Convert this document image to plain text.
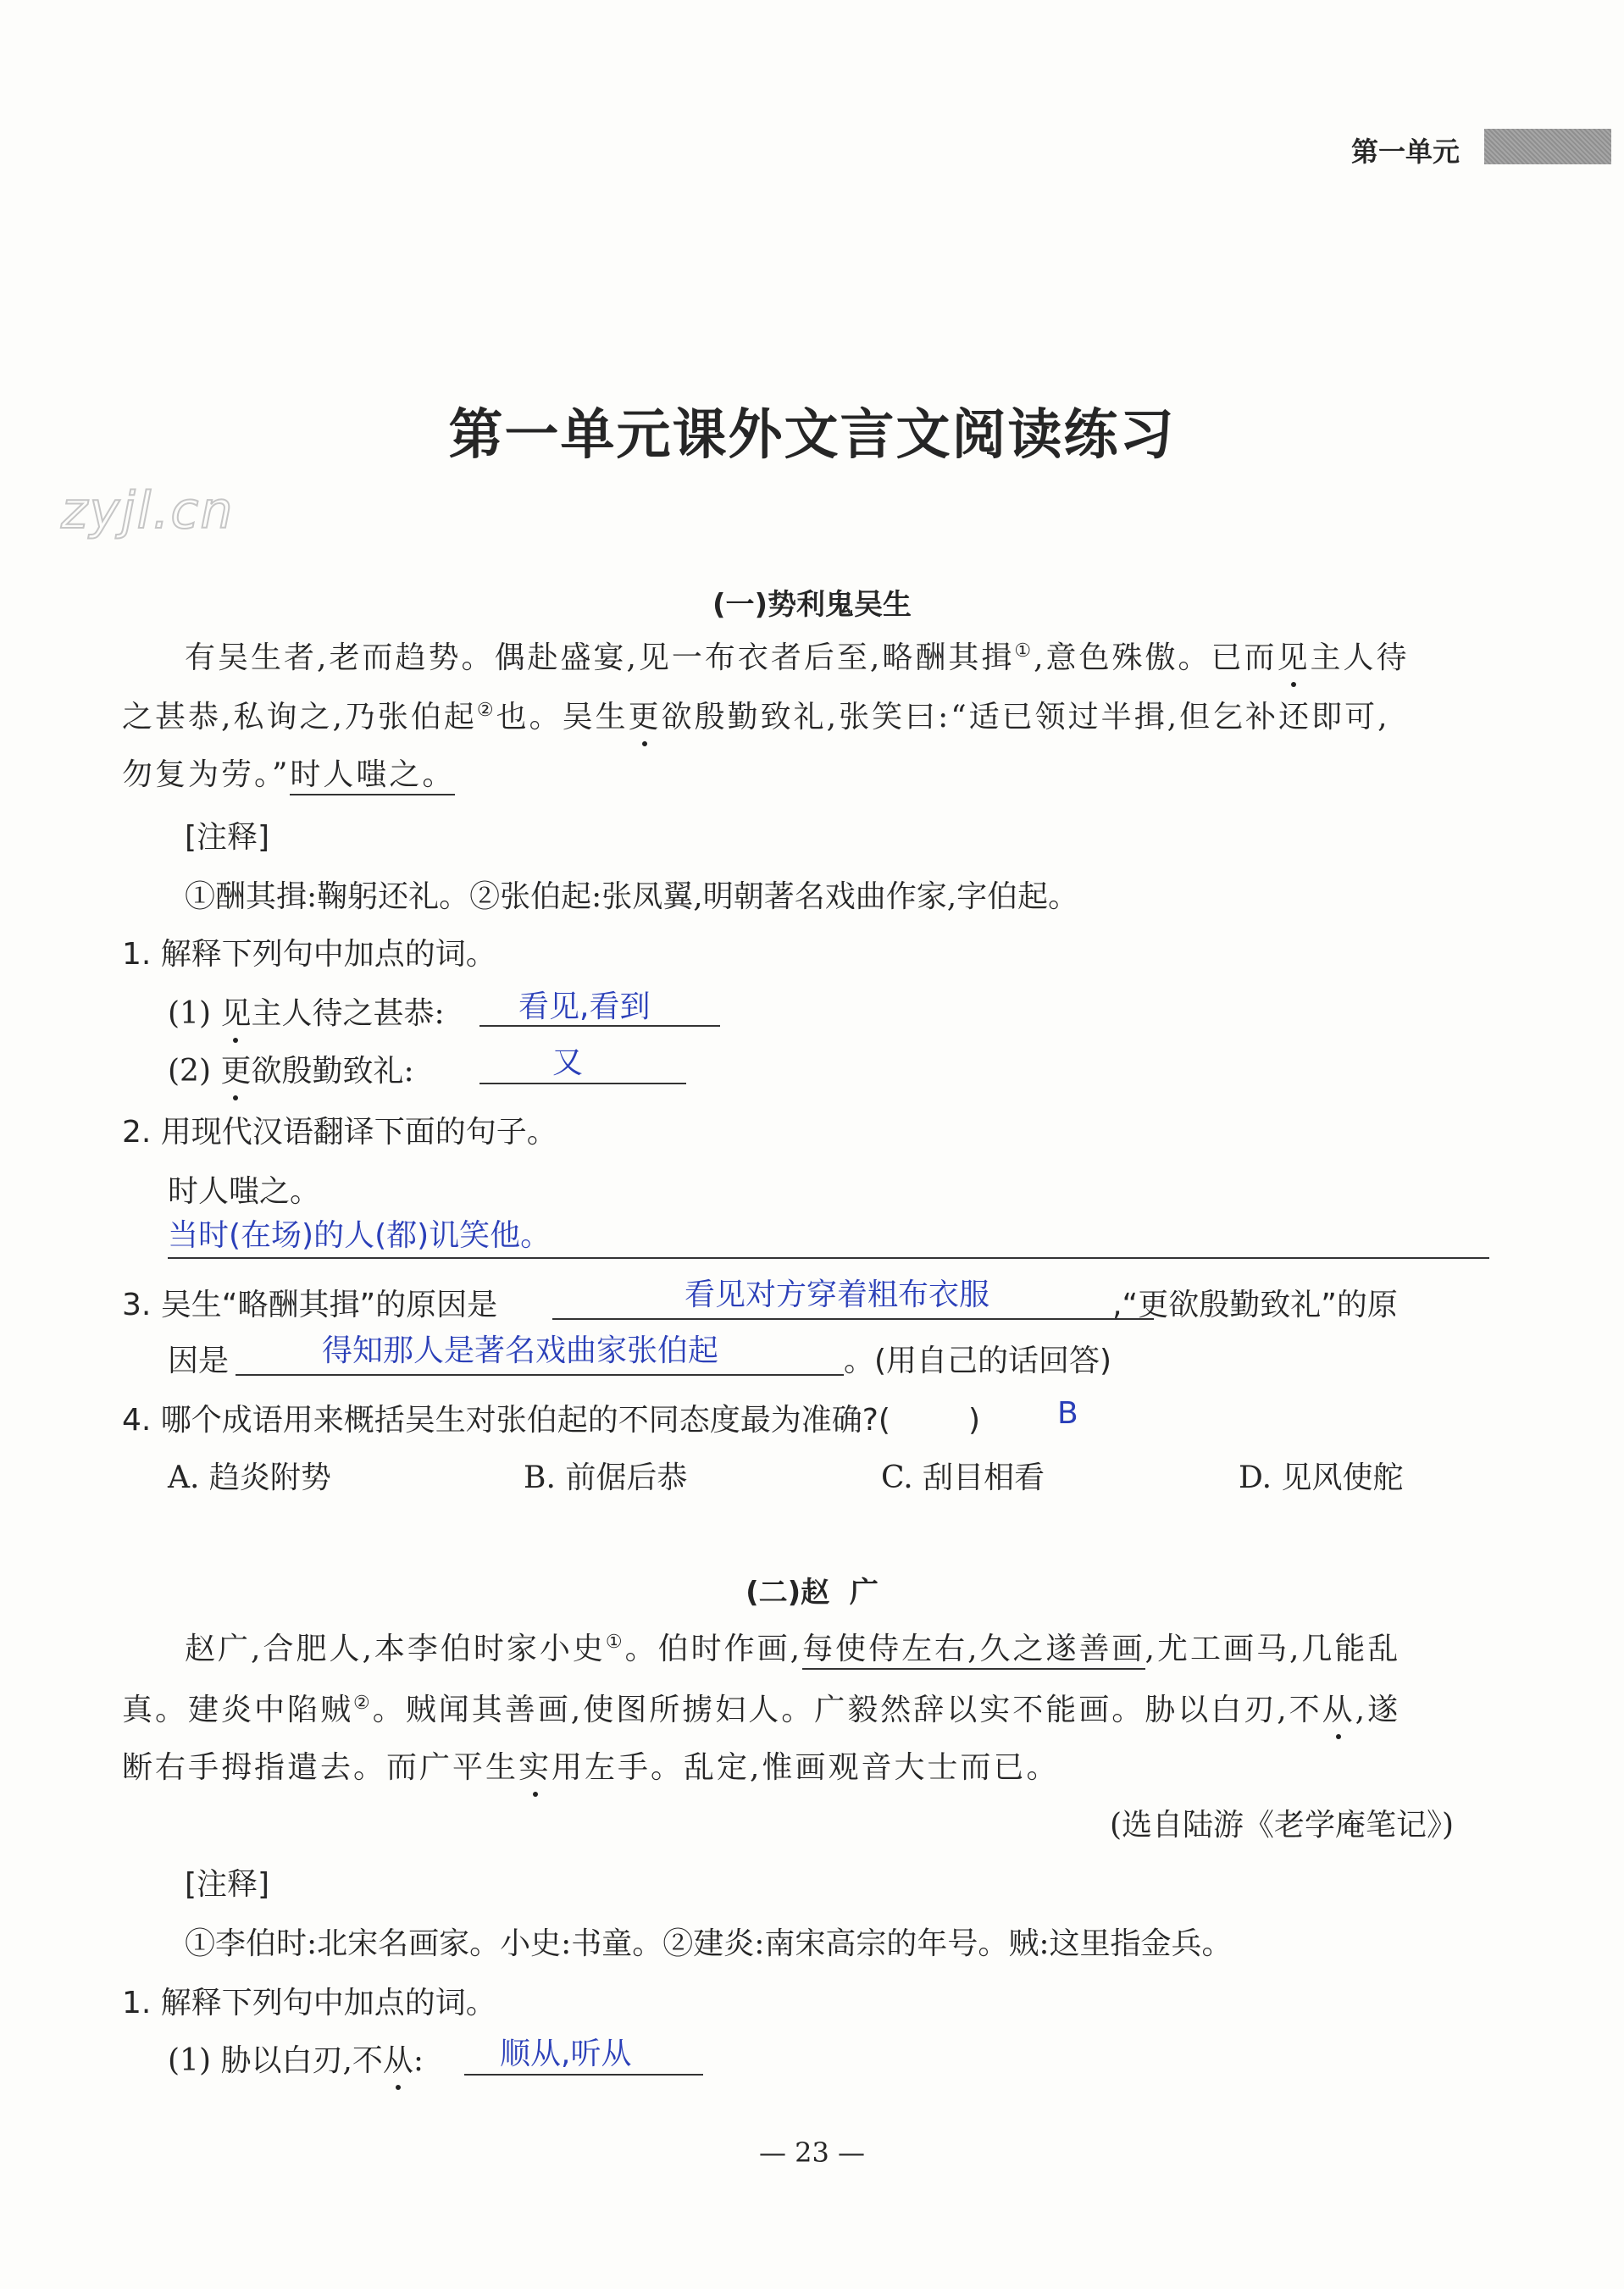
第一单元
第一单元课外文言文阅读练习
zyjl.cn
(一)势利鬼吴生
有吴生者,老而趋势。偶赴盛宴,见一布衣者后至,略酬其揖①,意色殊傲。已而见主人待
之甚恭,私询之,乃张伯起②也。吴生更欲殷勤致礼,张笑曰:“适已领过半揖,但乞补还即可,
勿复为劳。”时人嗤之。
[注释]
①酬其揖:鞠躬还礼。②张伯起:张凤翼,明朝著名戏曲作家,字伯起。
1. 解释下列句中加点的词。
(1) 见主人待之甚恭: 看见,看到
(2) 更欲殷勤致礼:	又
2. 用现代汉语翻译下面的句子。
时人嗤之。
当时(在场)的人(都)讥笑他。
3. 吴生“略酬其揖”的原因是	,“更欲殷勤致礼”的原
看见对方穿着粗布衣服
因是	。(用自己的话回答)
得知那人是著名戏曲家张伯起
4. 哪个成语用来概括吴生对张伯起的不同态度最为准确?(	)	B
A. 趋炎附势	B. 前倨后恭	C. 刮目相看	D. 见风使舵
(二)赵  广
赵广,合肥人,本李伯时家小史①。伯时作画,每使侍左右,久之遂善画,尤工画马,几能乱
真。建炎中陷贼②。贼闻其善画,使图所掳妇人。广毅然辞以实不能画。胁以白刃,不从,遂
断右手拇指遣去。而广平生实用左手。乱定,惟画观音大士而已。
(选自陆游《老学庵笔记》)
[注释]
①李伯时:北宋名画家。小史:书童。②建炎:南宋高宗的年号。贼:这里指金兵。
1. 解释下列句中加点的词。
(1) 胁以白刃,不从: 顺从,听从
— 23 —
